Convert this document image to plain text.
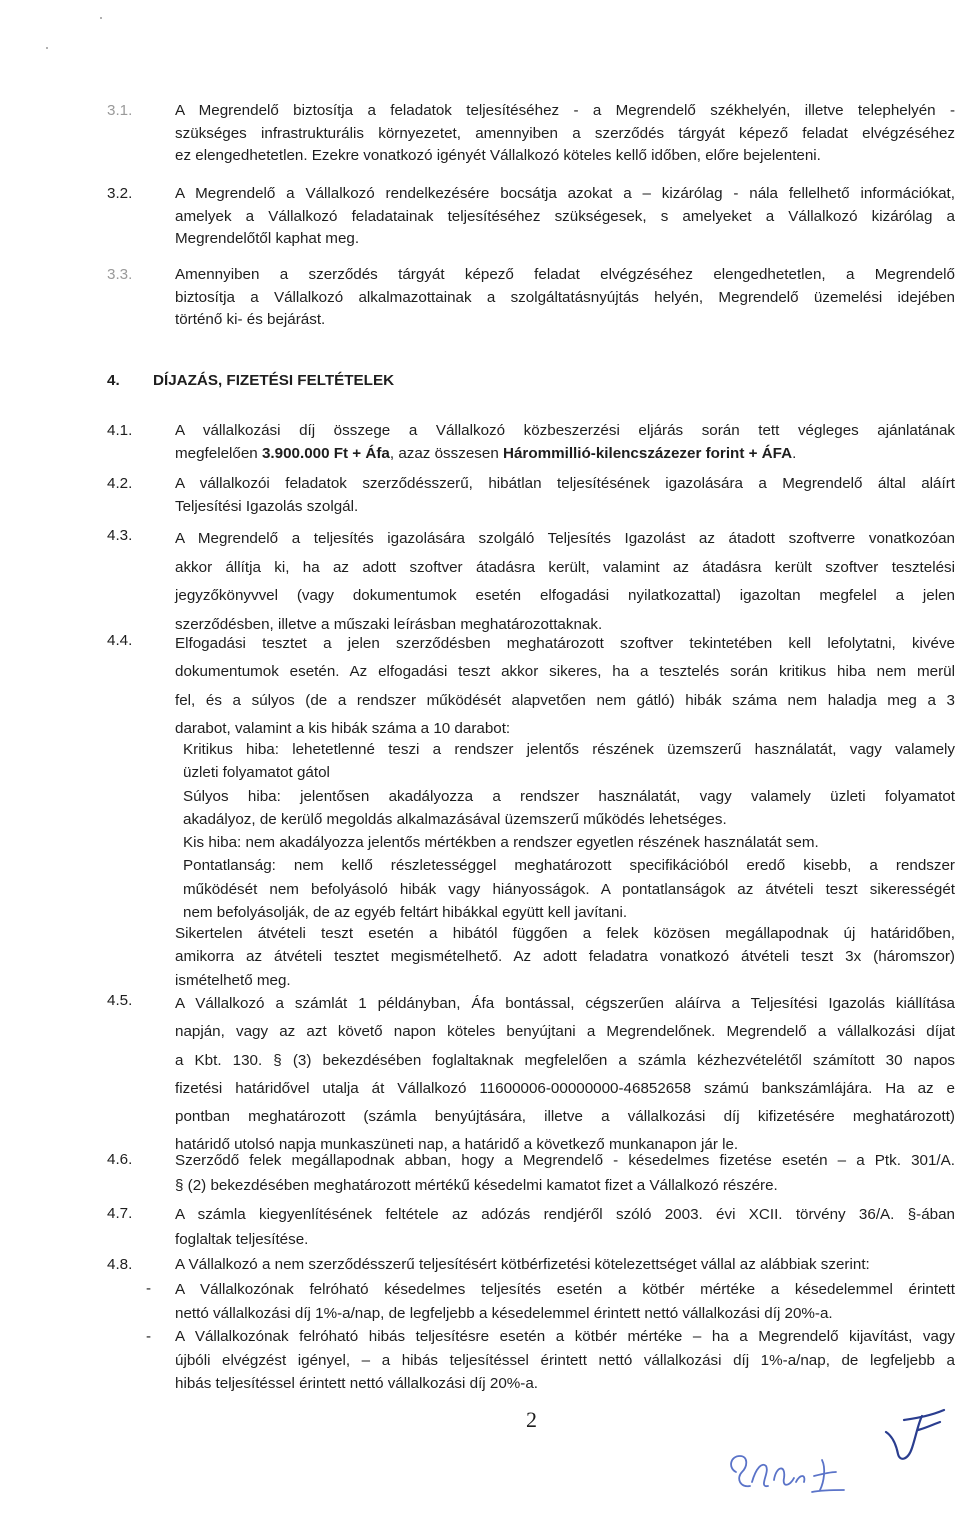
3.1.	A Megrendelő biztosítja a feladatok teljesítéséhez - a Megrendelő székhelyén, illetve telephelyén -
szükséges infrastrukturális környezetet, amennyiben a szerződés tárgyát képező feladat elvégzéséhez
ez elengedhetetlen. Ezekre vonatkozó igényét Vállalkozó köteles kellő időben, előre bejelenteni.
3.2.	A Megrendelő a Vállalkozó rendelkezésére bocsátja azokat a – kizárólag - nála fellelhető információkat,
amelyek a Vállalkozó feladatainak teljesítéséhez szükségesek, s amelyeket a Vállalkozó kizárólag a
Megrendelőtől kaphat meg.
3.3.	Amennyiben a szerződés tárgyát képező feladat elvégzéséhez elengedhetetlen, a Megrendelő
biztosítja a Vállalkozó alkalmazottainak a szolgáltatásnyújtás helyén, Megrendelő üzemelési idejében
történő ki- és bejárást.
4. DÍJAZÁS, FIZETÉSI FELTÉTELEK
4.1.	A vállalkozási díj összege a Vállalkozó közbeszerzési eljárás során tett végleges ajánlatának
megfelelően 3.900.000 Ft + Áfa, azaz összesen Hárommillió-kilencszázezer forint + ÁFA.
4.2.	A vállalkozói feladatok szerződésszerű, hibátlan teljesítésének igazolására a Megrendelő által aláírt
Teljesítési Igazolás szolgál.
4.3.	A Megrendelő a teljesítés igazolására szolgáló Teljesítés Igazolást az átadott szoftverre vonatkozóan
akkor állítja ki, ha az adott szoftver átadásra került, valamint az átadásra került szoftver tesztelési
jegyzőkönyvvel (vagy dokumentumok esetén elfogadási nyilatkozattal) igazoltan megfelel a jelen
szerződésben, illetve a műszaki leírásban meghatározottaknak.
4.4.	Elfogadási tesztet a jelen szerződésben meghatározott szoftver tekintetében kell lefolytatni, kivéve
dokumentumok esetén. Az elfogadási teszt akkor sikeres, ha a tesztelés során kritikus hiba nem merül
fel, és a súlyos (de a rendszer működését alapvetően nem gátló) hibák száma nem haladja meg a 3
darabot, valamint a kis hibák száma a 10 darabot:
Kritikus hiba: lehetetlenné teszi a rendszer jelentős részének üzemszerű használatát, vagy valamely
üzleti folyamatot gátol
Súlyos hiba: jelentősen akadályozza a rendszer használatát, vagy valamely üzleti folyamatot
akadályoz, de kerülő megoldás alkalmazásával üzemszerű működés lehetséges.
Kis hiba: nem akadályozza jelentős mértékben a rendszer egyetlen részének használatát sem.
Pontatlanság: nem kellő részletességgel meghatározott specifikációból eredő kisebb, a rendszer
működését nem befolyásoló hibák vagy hiányosságok. A pontatlanságok az átvételi teszt sikerességét
nem befolyásolják, de az egyéb feltárt hibákkal együtt kell javítani.
Sikertelen átvételi teszt esetén a hibától függően a felek közösen megállapodnak új határidőben,
amikorra az átvételi tesztet megismételhető. Az adott feladatra vonatkozó átvételi teszt 3x (háromszor)
ismételhető meg.
4.5.	A Vállalkozó a számlát 1 példányban, Áfa bontással, cégszerűen aláírva a Teljesítési Igazolás kiállítása
napján, vagy az azt követő napon köteles benyújtani a Megrendelőnek. Megrendelő a vállalkozási díjat
a Kbt. 130. § (3) bekezdésében foglaltaknak megfelelően a számla kézhezvételétől számított 30 napos
fizetési határidővel utalja át Vállalkozó 11600006-00000000-46852658 számú bankszámlájára. Ha az e
pontban meghatározott (számla benyújtására, illetve a vállalkozási díj kifizetésére meghatározott)
határidő utolsó napja munkaszüneti nap, a határidő a következő munkanapon jár le.
4.6.	Szerződő felek megállapodnak abban, hogy a Megrendelő - késedelmes fizetése esetén – a Ptk. 301/A.
§ (2) bekezdésében meghatározott mértékű késedelmi kamatot fizet a Vállalkozó részére.
4.7.	A számla kiegyenlítésének feltétele az adózás rendjéről szóló 2003. évi XCII. törvény 36/A. §-ában
foglaltak teljesítése.
4.8.	A Vállalkozó a nem szerződésszerű teljesítésért kötbérfizetési kötelezettséget vállal az alábbiak szerint:
- A Vállalkozónak felróható késedelmes teljesítés esetén a kötbér mértéke a késedelemmel érintett
nettó vállalkozási díj 1%-a/nap, de legfeljebb a késedelemmel érintett nettó vállalkozási díj 20%-a.
- A Vállalkozónak felróható hibás teljesítésre esetén a kötbér mértéke – ha a Megrendelő kijavítást, vagy
újbóli elvégzést igényel, – a hibás teljesítéssel érintett nettó vállalkozási díj 1%-a/nap, de legfeljebb a
hibás teljesítéssel érintett nettó vállalkozási díj 20%-a.
2
